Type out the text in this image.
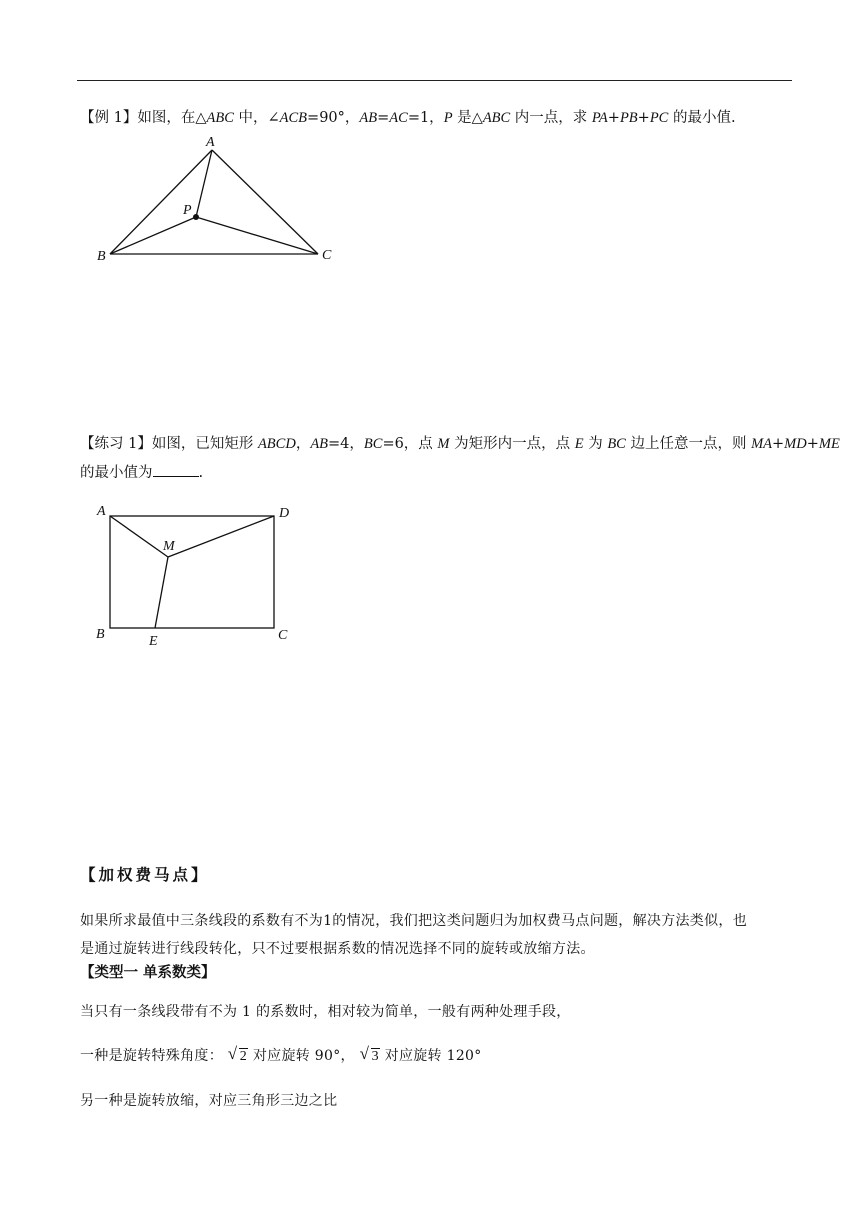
【例 1】如图，在△ABC 中，∠ACB=90°，AB=AC=1，P 是△ABC 内一点，求 PA+PB+PC 的最小值.
A
P
B	C
A	D
M
B	E	C
【练习 1】如图，已知矩形 ABCD，AB=4，BC=6，点 M 为矩形内一点，点 E 为 BC 边上任意一点，则 MA+MD+ME
的最小值为	.
【加权费马点】
如果所求最值中三条线段的系数有不为1的情况，我们把这类问题归为加权费马点问题，解决方法类似，也
是通过旋转进行线段转化，只不过要根据系数的情况选择不同的旋转或放缩方法。
【类型一 单系数类】
当只有一条线段带有不为 1 的系数时，相对较为简单，一般有两种处理手段，
一种是旋转特殊角度： √ 2 对应旋转 90°， √ 3 对应旋转 120°
另一种是旋转放缩，对应三角形三边之比
